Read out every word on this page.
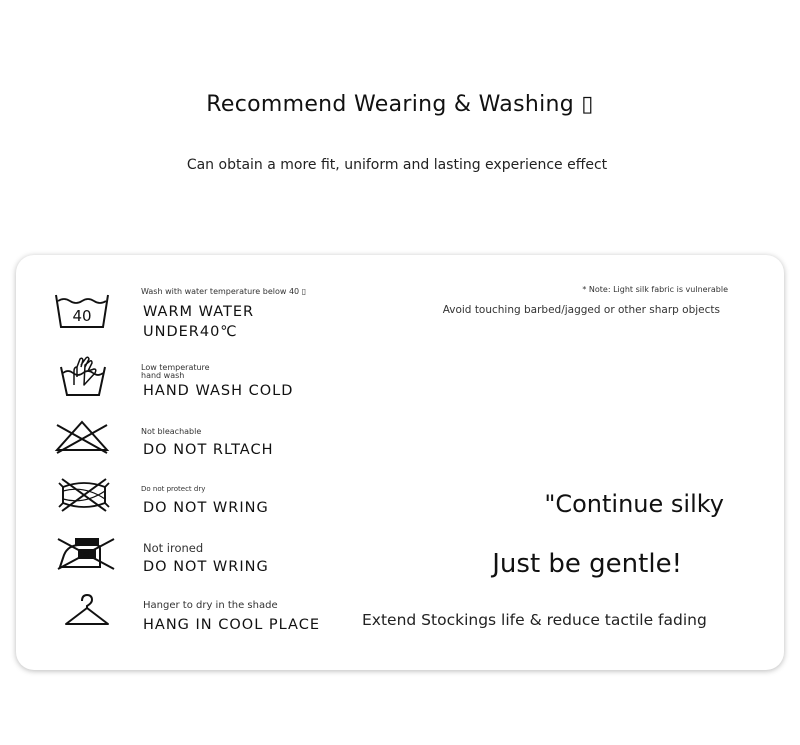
Recommend Wearing & Washing ▯
Can obtain a more fit, uniform and lasting experience effect
40
Wash with water temperature below 40 ▯
WARM WATER
UNDER40℃
Low temperature
hand wash
HAND WASH COLD
Not bleachable
DO NOT RLTACH
Do not protect dry
DO NOT WRING
Not ironed
DO NOT WRING
Hanger to dry in the shade
HANG IN COOL PLACE
* Note: Light silk fabric is vulnerable
Avoid touching barbed/jagged or other sharp objects
"Continue silky
Just be gentle!
Extend Stockings life & reduce tactile fading
